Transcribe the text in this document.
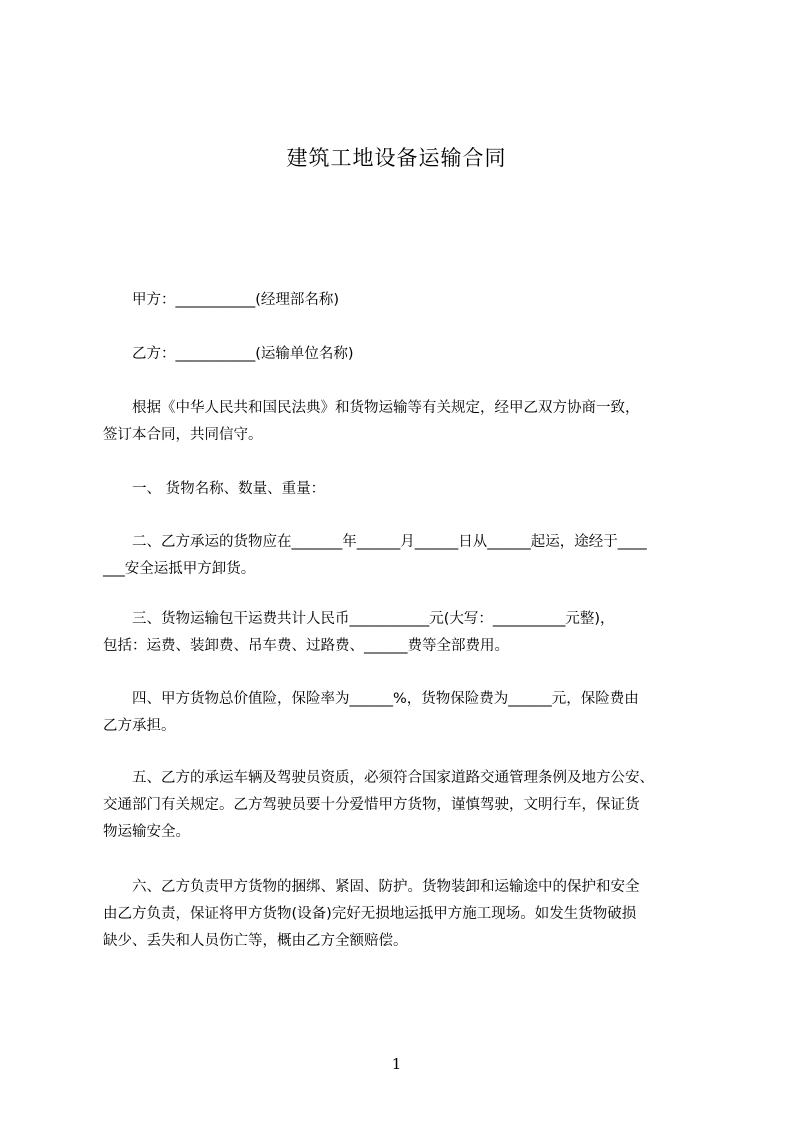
建筑工地设备运输合同

　　甲方：___________(经理部名称)

　　乙方：___________(运输单位名称)

　　根据《中华人民共和国民法典》和货物运输等有关规定，经甲乙双方协商一致，
签订本合同，共同信守。

　　一、 货物名称、数量、重量：

　　二、乙方承运的货物应在_______年______月______日从______起运，途经于____
___安全运抵甲方卸货。
　　三、货物运输包干运费共计人民币___________元(大写：__________元整)，
包括：运费、装卸费、吊车费、过路费、______费等全部费用。
　　四、甲方货物总价值险，保险率为______%，货物保险费为______元，保险费由
乙方承担。
　　五、乙方的承运车辆及驾驶员资质，必须符合国家道路交通管理条例及地方公安、
交通部门有关规定。乙方驾驶员要十分爱惜甲方货物，谨慎驾驶，文明行车，保证货
物运输安全。
　　六、乙方负责甲方货物的捆绑、紧固、防护。货物装卸和运输途中的保护和安全
由乙方负责，保证将甲方货物(设备)完好无损地运抵甲方施工现场。如发生货物破损
缺少、丢失和人员伤亡等，概由乙方全额赔偿。
1
